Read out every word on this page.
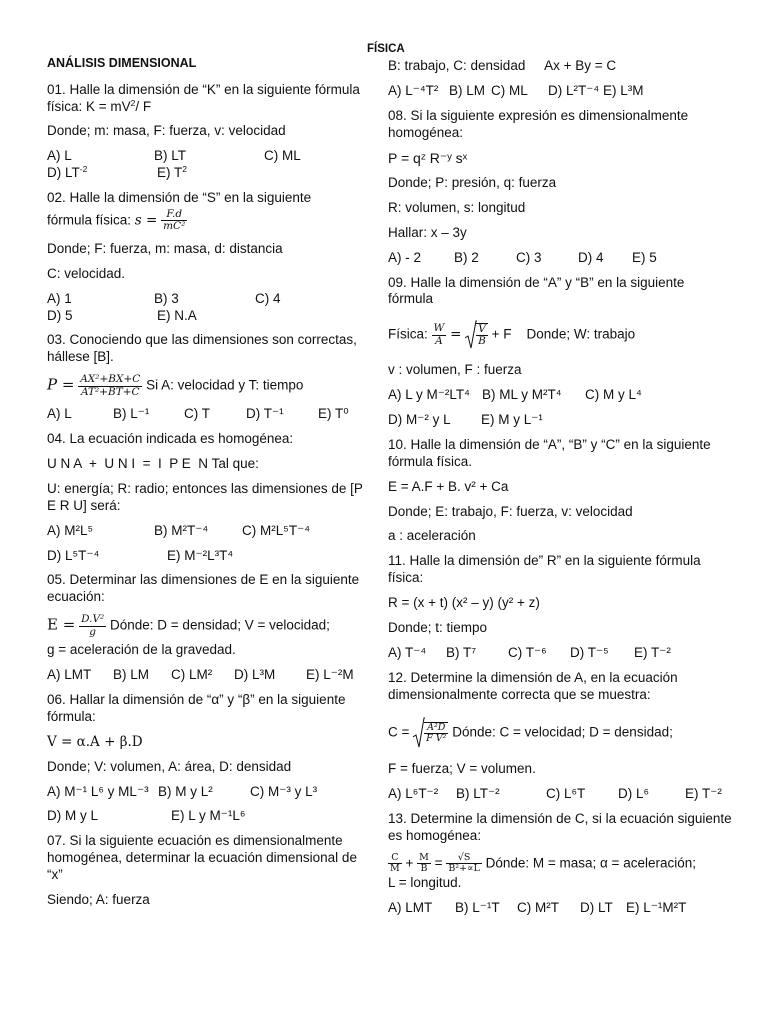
FÍSICA
ANÁLISIS DIMENSIONAL

01. Halle la dimensión de “K” en la siguiente fórmula física: $K = mV^2/$ F

Donde; m: masa, F: fuerza, v: velocidad

A) L	B) LT	C) ML
D) $LT^{-2}$	E) $T^2$

02. Halle la dimensión de “S” en la siguiente

fórmula física: $s = \frac{F.d}{\text{mC²}}$

Donde; F: fuerza, m: masa, d: distancia

C: velocidad.

A) 1	B) 3	C) 4
D) 5	E) N.A

03. Conociendo que las dimensiones son correctas, hállese [B].

$P = \frac{\text{AX²+BX+C}}{\text{AT²+BT+C}}$ Si A: velocidad y T: tiempo

A) L	B) L⁻¹	C) T	D) T⁻¹	E) T⁰

04. La ecuación indicada es homogénea:

U N A  +  U N I  =  I  P E  N Tal que:

U: energía; R: radio; entonces las dimensiones de [P E R U] será:

A) M²L⁵	B) M²T⁻⁴	C) M²L⁵T⁻⁴
D) L⁵T⁻⁴	E) M⁻²L³T⁴

05. Determinar las dimensiones de E en la siguiente ecuación:

$E = \frac{\text{D.V²}}{g}$ Dónde: D = densidad; V = velocidad;

g = aceleración de la gravedad.

A) LMT	B) LM	C) LM²	D) L³M	E) L⁻²M

06. Hallar la dimensión de “α” y “β” en la siguiente fórmula:

V = α.A + β.D

Donde; V: volumen, A: área, D: densidad

A) M⁻¹ L⁶ y ML⁻³ B) M y L²	C) M⁻³ y L³
D) M y L	E) L y M⁻¹L⁶

07. Si la siguiente ecuación es dimensionalmente homogénea, determinar la ecuación dimensional de “x”

Siendo; A: fuerza

B: trabajo, C: densidad Ax + By = C

A) L⁻⁴T² B) LM C) ML	D) L²T⁻⁴ E) L³M

08. Si la siguiente expresión es dimensionalmente homogénea:

P = qᶻ R⁻ʸ sˣ

Donde; P: presión, q: fuerza

R: volumen, s: longitud

Hallar: x – 3y

A) - 2	B) 2	C) 3	D) 4	E) 5

09. Halle la dimensión de “A” y “B” en la siguiente fórmula

Física: $\frac{W}{A} = \frac{V}{B} + F$    Donde; W: trabajo

v : volumen, F : fuerza

A) L y M⁻²LT⁴ B) ML y M²T⁴	C) M y L⁴
D) M⁻² y L	E) M y L⁻¹

10. Halle la dimensión de “A”, “B” y “C” en la siguiente fórmula física.

E = A.F + B. v² + Ca

Donde; E: trabajo, F: fuerza, v: velocidad

a : aceleración

11. Halle la dimensión de” R” en la siguiente fórmula física:

R = (x + t) (x² – y) (y² + z)

Donde; t: tiempo

A) T⁻⁴	B) T⁷	C) T⁻⁶	D) T⁻⁵	E) T⁻²

12. Determine la dimensión de A, en la ecuación dimensionalmente correcta que se muestra:

$C = \frac{\text{A²D}}{\text{F V²}}$ Dónde: C = velocidad; D = densidad;

F = fuerza; V = volumen.

A) L⁶T⁻²	B) LT⁻²	C) L⁶T	D) L⁶	E) T⁻²

13. Determine la dimensión de C, si la ecuación siguiente es homogénea:

$\frac{C}{M} + \frac{M}{B} = \frac{√S}{\text{B²+∝L}}$ Dónde: M = masa; α = aceleración;

L = longitud.

A) LMT	B) L⁻¹T	C) M²T	D) LT E) L⁻¹M²T
